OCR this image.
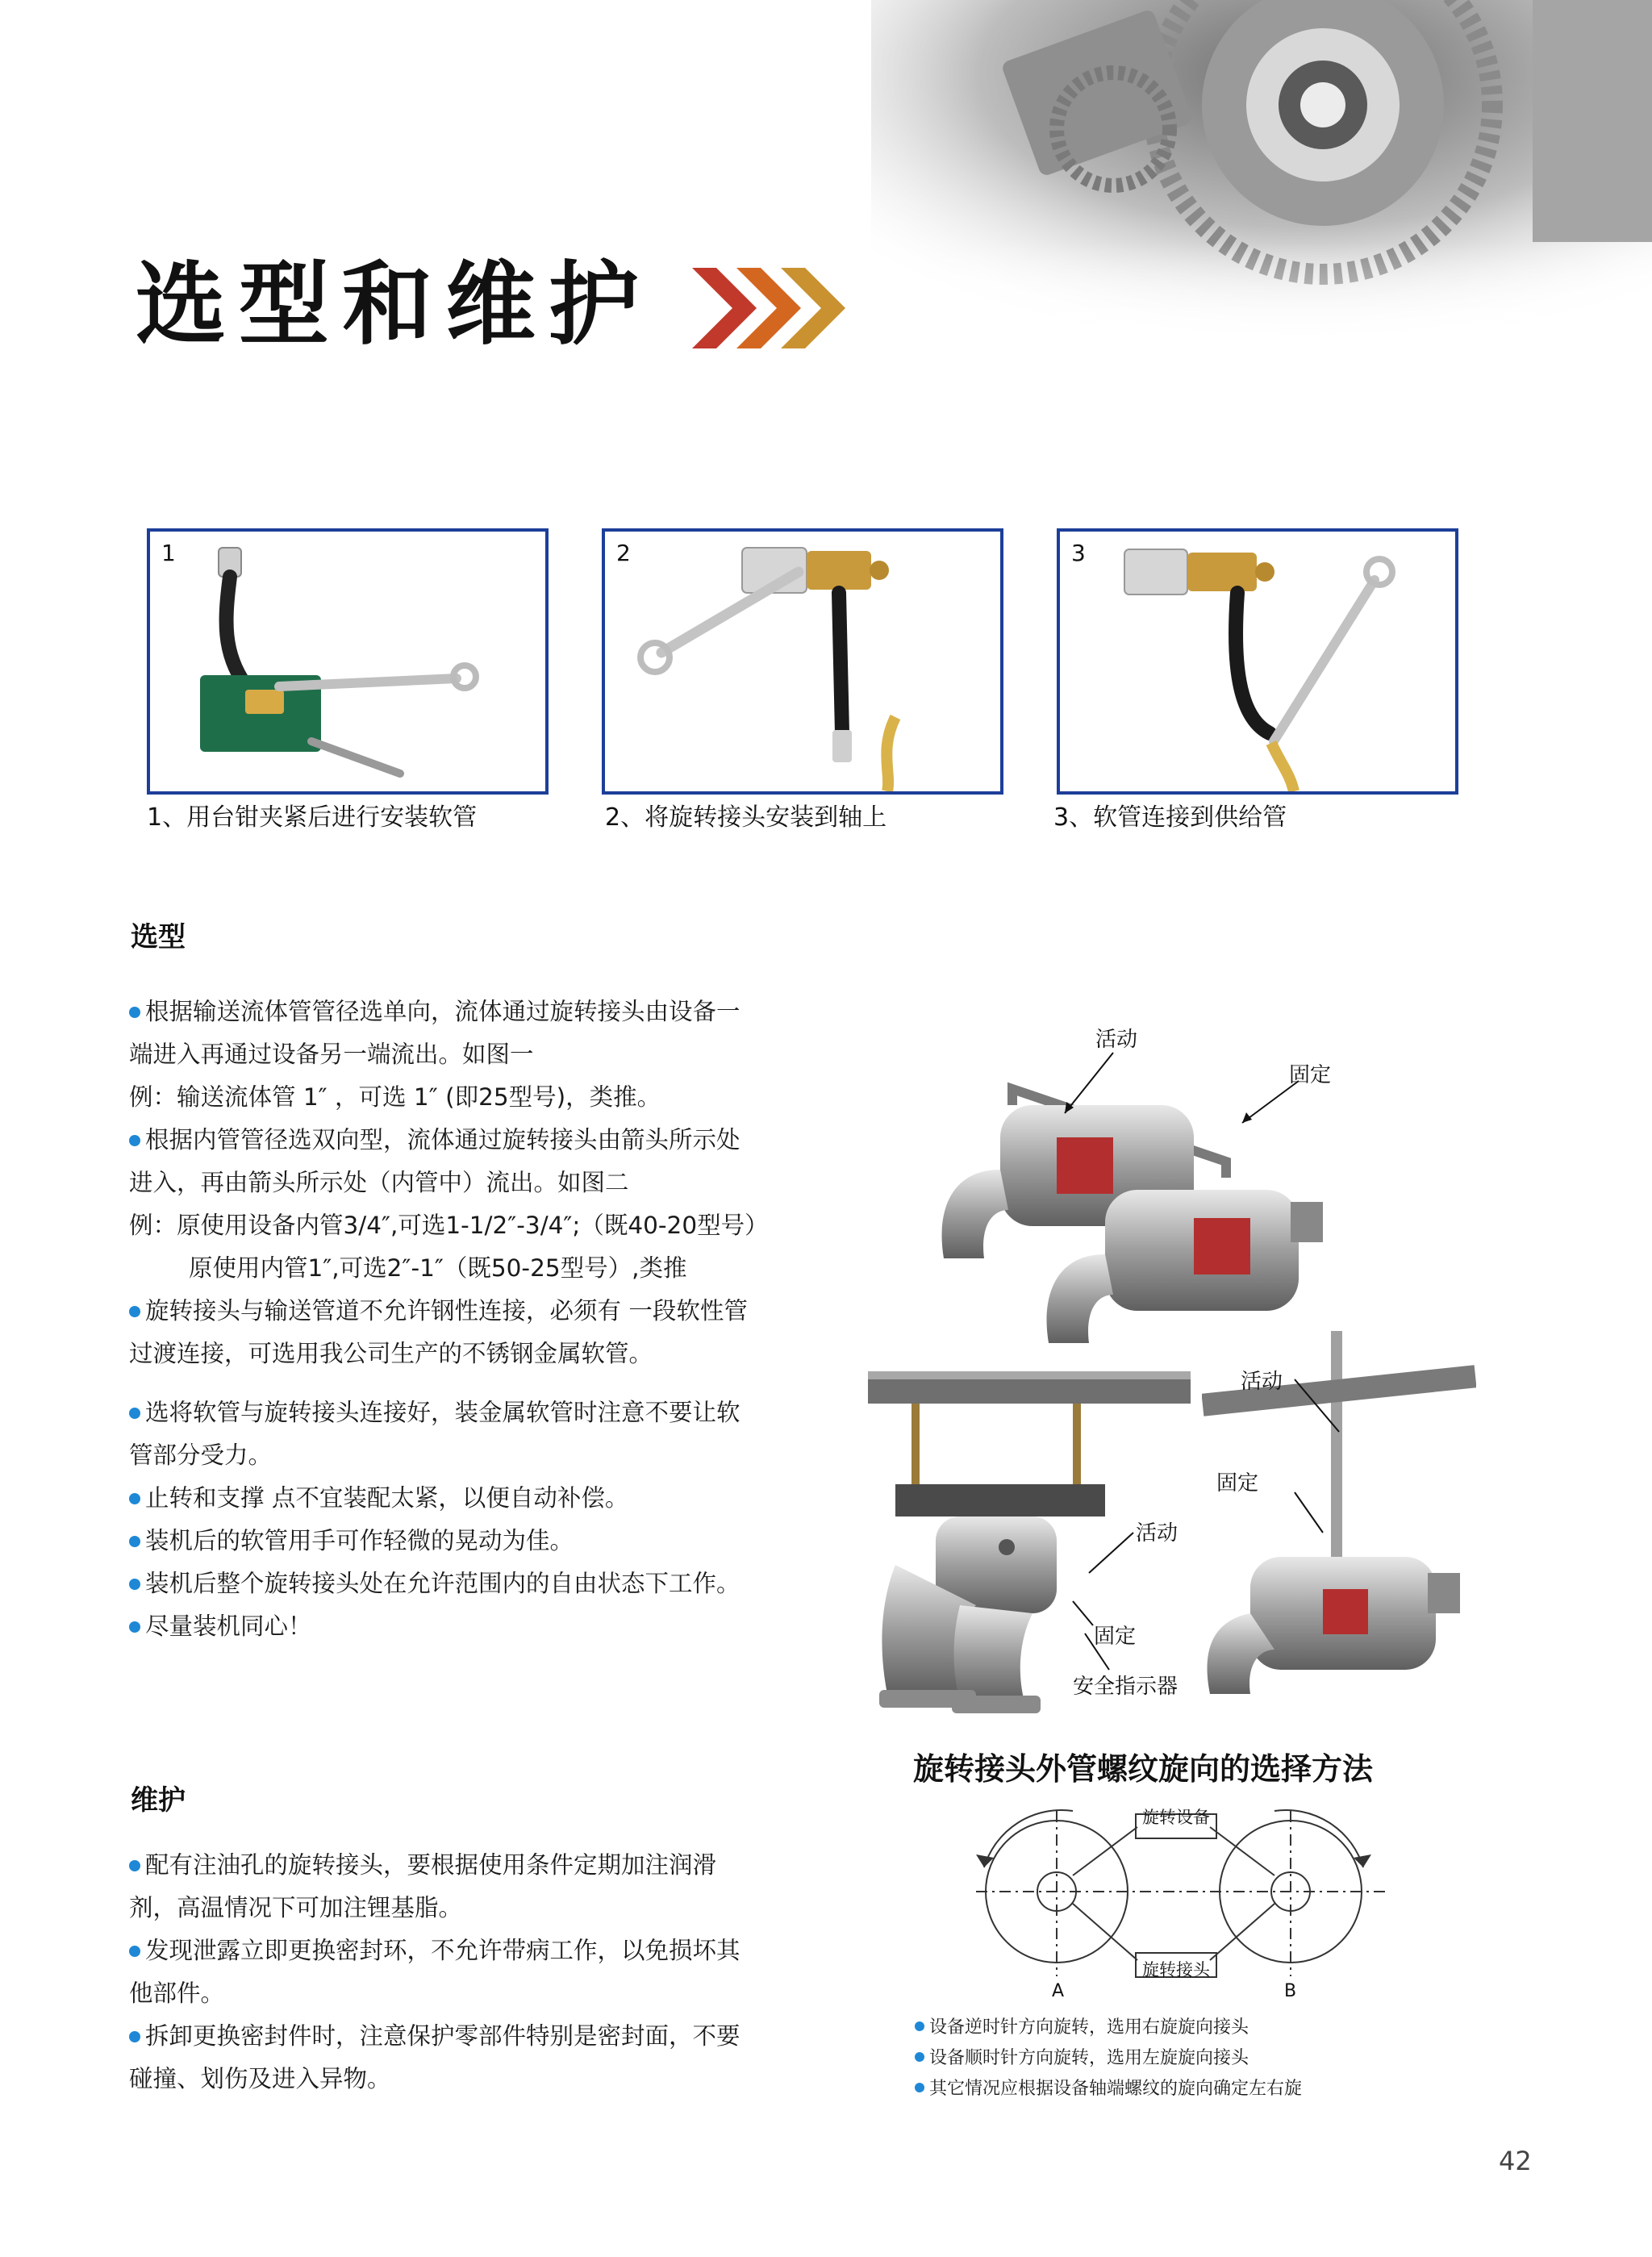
选型和维护
1
1、用台钳夹紧后进行安装软管
2
2、将旋转接头安装到轴上
3
3、软管连接到供给管
选型

根据输送流体管管径选单向，流体通过旋转接头由设备一

端进入再通过设备另一端流出。如图一

例：输送流体管 1″ ，可选 1″ (即25型号)，类推。

根据内管管径选双向型，流体通过旋转接头由箭头所示处

进入，再由箭头所示处（内管中）流出。如图二

例：原使用设备内管3/4″,可选1-1/2″-3/4″;（既40-20型号）

原使用内管1″,可选2″-1″（既50-25型号）,类推

旋转接头与输送管道不允许钢性连接，必须有 一段软性管

过渡连接，可选用我公司生产的不锈钢金属软管。

选将软管与旋转接头连接好，装金属软管时注意不要让软

管部分受力。

止转和支撑 点不宜装配太紧，以便自动补偿。

装机后的软管用手可作轻微的晃动为佳。

装机后整个旋转接头处在允许范围内的自由状态下工作。

尽量装机同心！

维护

配有注油孔的旋转接头，要根据使用条件定期加注润滑

剂，高温情况下可加注锂基脂。

发现泄露立即更换密封环，不允许带病工作，以免损坏其

他部件。

拆卸更换密封件时，注意保护零部件特别是密封面，不要

碰撞、划伤及进入异物。

活动
固定
活动
固定
安全指示器
活动
固定
旋转接头外管螺纹旋向的选择方法
旋转设备
旋转接头
A	B
设备逆时针方向旋转，选用右旋旋向接头
设备顺时针方向旋转，选用左旋旋向接头
其它情况应根据设备轴端螺纹的旋向确定左右旋
42
